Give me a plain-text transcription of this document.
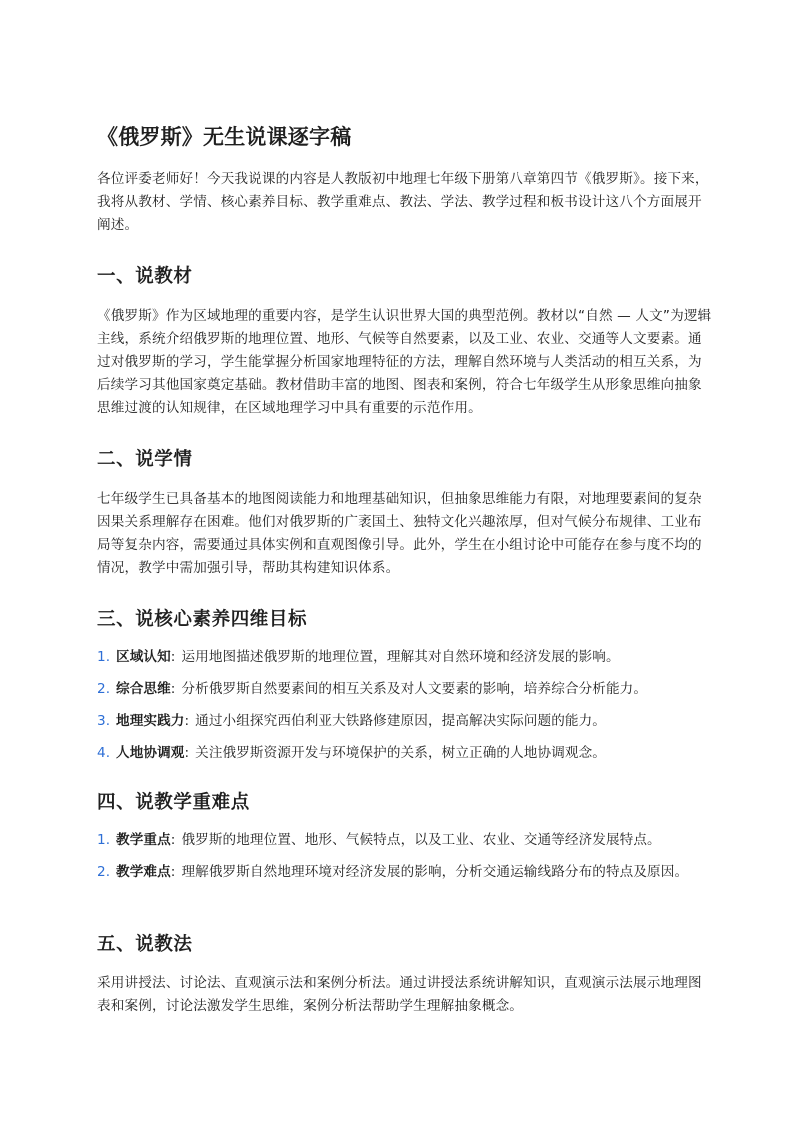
《俄罗斯》无生说课逐字稿

各位评委老师好！今天我说课的内容是人教版初中地理七年级下册第八章第四节《俄罗斯》。接下来，我将从教材、学情、核心素养目标、教学重难点、教法、学法、教学过程和板书设计这八个方面展开阐述。

一、说教材

《俄罗斯》作为区域地理的重要内容，是学生认识世界大国的典型范例。教材以“自然 — 人文”为逻辑主线，系统介绍俄罗斯的地理位置、地形、气候等自然要素，以及工业、农业、交通等人文要素。通过对俄罗斯的学习，学生能掌握分析国家地理特征的方法，理解自然环境与人类活动的相互关系，为后续学习其他国家奠定基础。教材借助丰富的地图、图表和案例，符合七年级学生从形象思维向抽象思维过渡的认知规律，在区域地理学习中具有重要的示范作用。

二、说学情

七年级学生已具备基本的地图阅读能力和地理基础知识，但抽象思维能力有限，对地理要素间的复杂因果关系理解存在困难。他们对俄罗斯的广袤国土、独特文化兴趣浓厚，但对气候分布规律、工业布局等复杂内容，需要通过具体实例和直观图像引导。此外，学生在小组讨论中可能存在参与度不均的情况，教学中需加强引导，帮助其构建知识体系。

三、说核心素养四维目标
1. 区域认知: 运用地图描述俄罗斯的地理位置，理解其对自然环境和经济发展的影响。
2. 综合思维: 分析俄罗斯自然要素间的相互关系及对人文要素的影响，培养综合分析能力。
3. 地理实践力: 通过小组探究西伯利亚大铁路修建原因，提高解决实际问题的能力。
4. 人地协调观: 关注俄罗斯资源开发与环境保护的关系，树立正确的人地协调观念。
四、说教学重难点
1. 教学重点: 俄罗斯的地理位置、地形、气候特点，以及工业、农业、交通等经济发展特点。
2. 教学难点: 理解俄罗斯自然地理环境对经济发展的影响，分析交通运输线路分布的特点及原因。
五、说教法

采用讲授法、讨论法、直观演示法和案例分析法。通过讲授法系统讲解知识，直观演示法展示地理图表和案例，讨论法激发学生思维，案例分析法帮助学生理解抽象概念。
